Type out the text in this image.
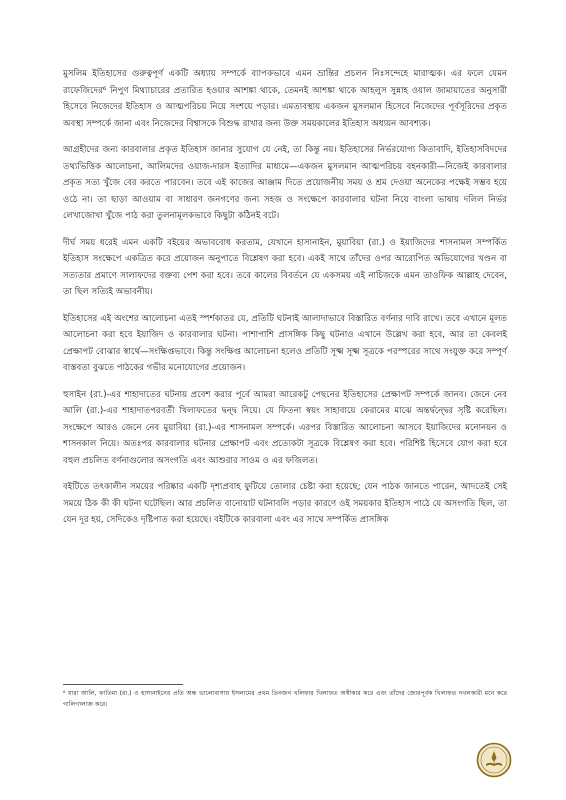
মুসলিম ইতিহাসের গুরুত্বপূর্ণ একটি অধ্যায় সম্পর্কে ব্যাপকভাবে এমন ভ্রান্তির প্রচলন নিঃসন্দেহে মারাত্মক। এর ফলে যেমন রাফেজিদের⁶ নিপুণ মিথ্যাচারের প্রতারিত হওয়ার আশঙ্কা থাকে, তেমনই আশঙ্কা থাকে আহলুস সুন্নাহ ওয়াল জামায়াতের অনুসারী হিসেবে নিজেদের ইতিহাস ও আত্মপরিচয় নিয়ে সংশয়ে পড়ার। এমতাবস্থায় একজন মুসলমান হিসেবে নিজেদের পূর্বসূরিদের প্রকৃত অবস্থা সম্পর্কে জানা এবং নিজেদের বিশ্বাসকে বিশুদ্ধ রাখার জন্য উক্ত সময়কালের ইতিহাস অধ্যয়ন আবশ্যক।

আগ্রহীদের জন্য কারবালার প্রকৃত ইতিহাস জানার সুযোগ যে নেই, তা কিন্তু নয়। ইতিহাসের নির্ভরযোগ্য কিতাবাদি, ইতিহাসবিদদের তথ্যভিত্তিক আলোচনা, আলিমদের ওয়াজ-দারস ইত্যাদির মাধ্যমে—একজন মুসলমান আত্মপরিচয় বহনকারী—নিজেই কারবালার প্রকৃত সত্য খুঁজে বের করতে পারবেন। তবে এই কাজের আঞ্জাম দিতে প্রয়োজনীয় সময় ও শ্রম দেওয়া অনেকের পক্ষেই সম্ভব হয়ে ওঠে না। তা ছাড়া আওয়াম বা সাধারণ জনগণের জন্য সহজ ও সংক্ষেপে কারবালার ঘটনা নিয়ে বাংলা ভাষায় দলিল নির্ভর লেখাজোখা খুঁজে পাঠ করা তুলনামূলকভাবে কিছুটা কঠিনই বটে।

দীর্ঘ সময় ধরেই এমন একটি বইয়ের অভাববোধ করতাম, যেখানে হাসানাইন, মুয়াবিয়া (রা.) ও ইয়াজিদের শাসনামল সম্পর্কিত ইতিহাস সংক্ষেপে একত্রিত করে প্রয়োজন অনুপাতে বিশ্লেষণ করা হবে। একই সাথে তাঁদের ওপর আরোপিত অভিযোগের খণ্ডন বা সত্যতার প্রমাণে সালাফদের বক্তব্য পেশ করা হবে। তবে কালের বিবর্তনে যে একসময় এই নাচিজকে এমন তাওফিক আল্লাহ দেবেন, তা ছিল সত্যিই অভাবনীয়।

ইতিহাসের এই অংশের আলোচনা এতই স্পর্শকাতর যে, প্রতিটি ঘটনাই আলাদাভাবে বিস্তারিত বর্ণনার দাবি রাখে। তবে এখানে মূলত আলোচনা করা হবে ইয়াজিদ ও কারবালার ঘটনা। পাশাপাশি প্রাসঙ্গিক কিছু ঘটনাও এখানে উল্লেখ করা হবে, আর তা কেবলই প্রেক্ষাপট বোঝার স্বার্থে—সংক্ষিপ্তভাবে। কিন্তু সংক্ষিপ্ত আলোচনা হলেও প্রতিটি সূক্ষ্ম সূক্ষ্ম সূত্রকে পরস্পরের সাথে সংযুক্ত করে সম্পূর্ণ বাস্তবতা বুঝতে পাঠকের গভীর মনোযোগের প্রয়োজন।

হুসাইন (রা.)-এর শাহাদাতের ঘটনায় প্রবেশ করার পূর্বে আমরা আরেকটু পেছনের ইতিহাসের প্রেক্ষাপট সম্পর্কে জানব। জেনে নেব আলি (রা.)-এর শাহাদাতপরবর্তী খিলাফতের দ্বন্দ্ব নিয়ে। যে ফিতনা স্বয়ং সাহাবায়ে কেরামের মাঝে অন্তর্দ্বন্দ্বের সৃষ্টি করেছিল। সংক্ষেপে আরও জেনে নেব মুয়াবিয়া (রা.)-এর শাসনামল সম্পর্কে। এরপর বিস্তারিত আলোচনা আসবে ইয়াজিদের মনোনয়ন ও শাসনকাল নিয়ে। অতঃপর কারবালার ঘটনার প্রেক্ষাপট এবং প্রত্যেকটা সূত্রকে বিশ্লেষণ করা হবে। পরিশিষ্ট হিসেবে যোগ করা হবে বহুল প্রচলিত বর্ণনাগুলোর অসংগতি এবং আশুরার সাওম ও এর ফজিলত।

বইটিতে তৎকালীন সময়ের পরিষ্কার একটি দৃশ্যপ্রবাহ ফুটিয়ে তোলার চেষ্টা করা হয়েছে; যেন পাঠক জানতে পারেন, আদতেই সেই সময়ে ঠিক কী কী ঘটনা ঘটেছিল। আর প্রচলিত বানোয়াট ঘটনাবলি পড়ার কারণে ওই সময়কার ইতিহাস পাঠে যে অসংগতি ছিল, তা যেন দূর হয়, সেদিকেও দৃষ্টিপাত করা হয়েছে। বইটিকে কারবালা এবং এর সাথে সম্পর্কিত প্রাসঙ্গিক

⁶ যারা আলি, ফাতিমা (রা.) ও হাসানাইনের প্রতি অন্ধ ভালোবাসায় ইসলামের প্রথম তিনজন খলিফার খিলাফত অস্বীকার করে এবং তাঁদের জোরপূর্বক খিলাফত দখলকারী মনে করে গালিগালাজ করে।
